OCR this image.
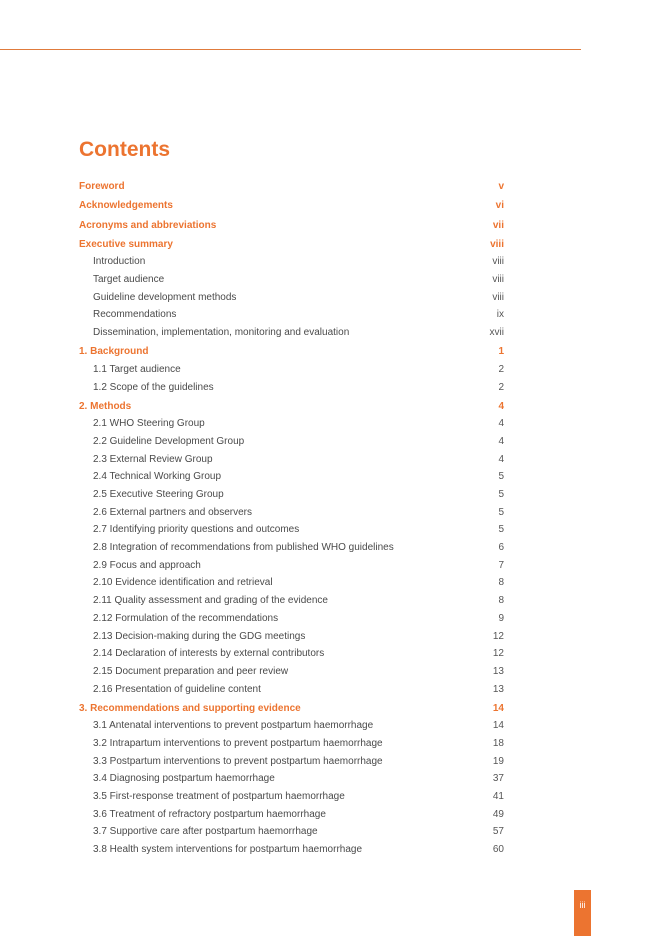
Contents
Foreword	v
Acknowledgements	vi
Acronyms and abbreviations	vii
Executive summary	viii
Introduction	viii
Target audience	viii
Guideline development methods	viii
Recommendations	ix
Dissemination, implementation, monitoring and evaluation	xvii
1. Background	1
1.1 Target audience	2
1.2 Scope of the guidelines	2
2. Methods	4
2.1 WHO Steering Group	4
2.2 Guideline Development Group	4
2.3 External Review Group	4
2.4 Technical Working Group	5
2.5 Executive Steering Group	5
2.6 External partners and observers	5
2.7 Identifying priority questions and outcomes	5
2.8 Integration of recommendations from published WHO guidelines	6
2.9 Focus and approach	7
2.10 Evidence identification and retrieval	8
2.11 Quality assessment and grading of the evidence	8
2.12 Formulation of the recommendations	9
2.13 Decision-making during the GDG meetings	12
2.14 Declaration of interests by external contributors	12
2.15 Document preparation and peer review	13
2.16 Presentation of guideline content	13
3. Recommendations and supporting evidence	14
3.1 Antenatal interventions to prevent postpartum haemorrhage	14
3.2 Intrapartum interventions to prevent postpartum haemorrhage	18
3.3 Postpartum interventions to prevent postpartum haemorrhage	19
3.4 Diagnosing postpartum haemorrhage	37
3.5 First-response treatment of postpartum haemorrhage	41
3.6 Treatment of refractory postpartum haemorrhage	49
3.7 Supportive care after postpartum haemorrhage	57
3.8 Health system interventions for postpartum haemorrhage	60
iii
